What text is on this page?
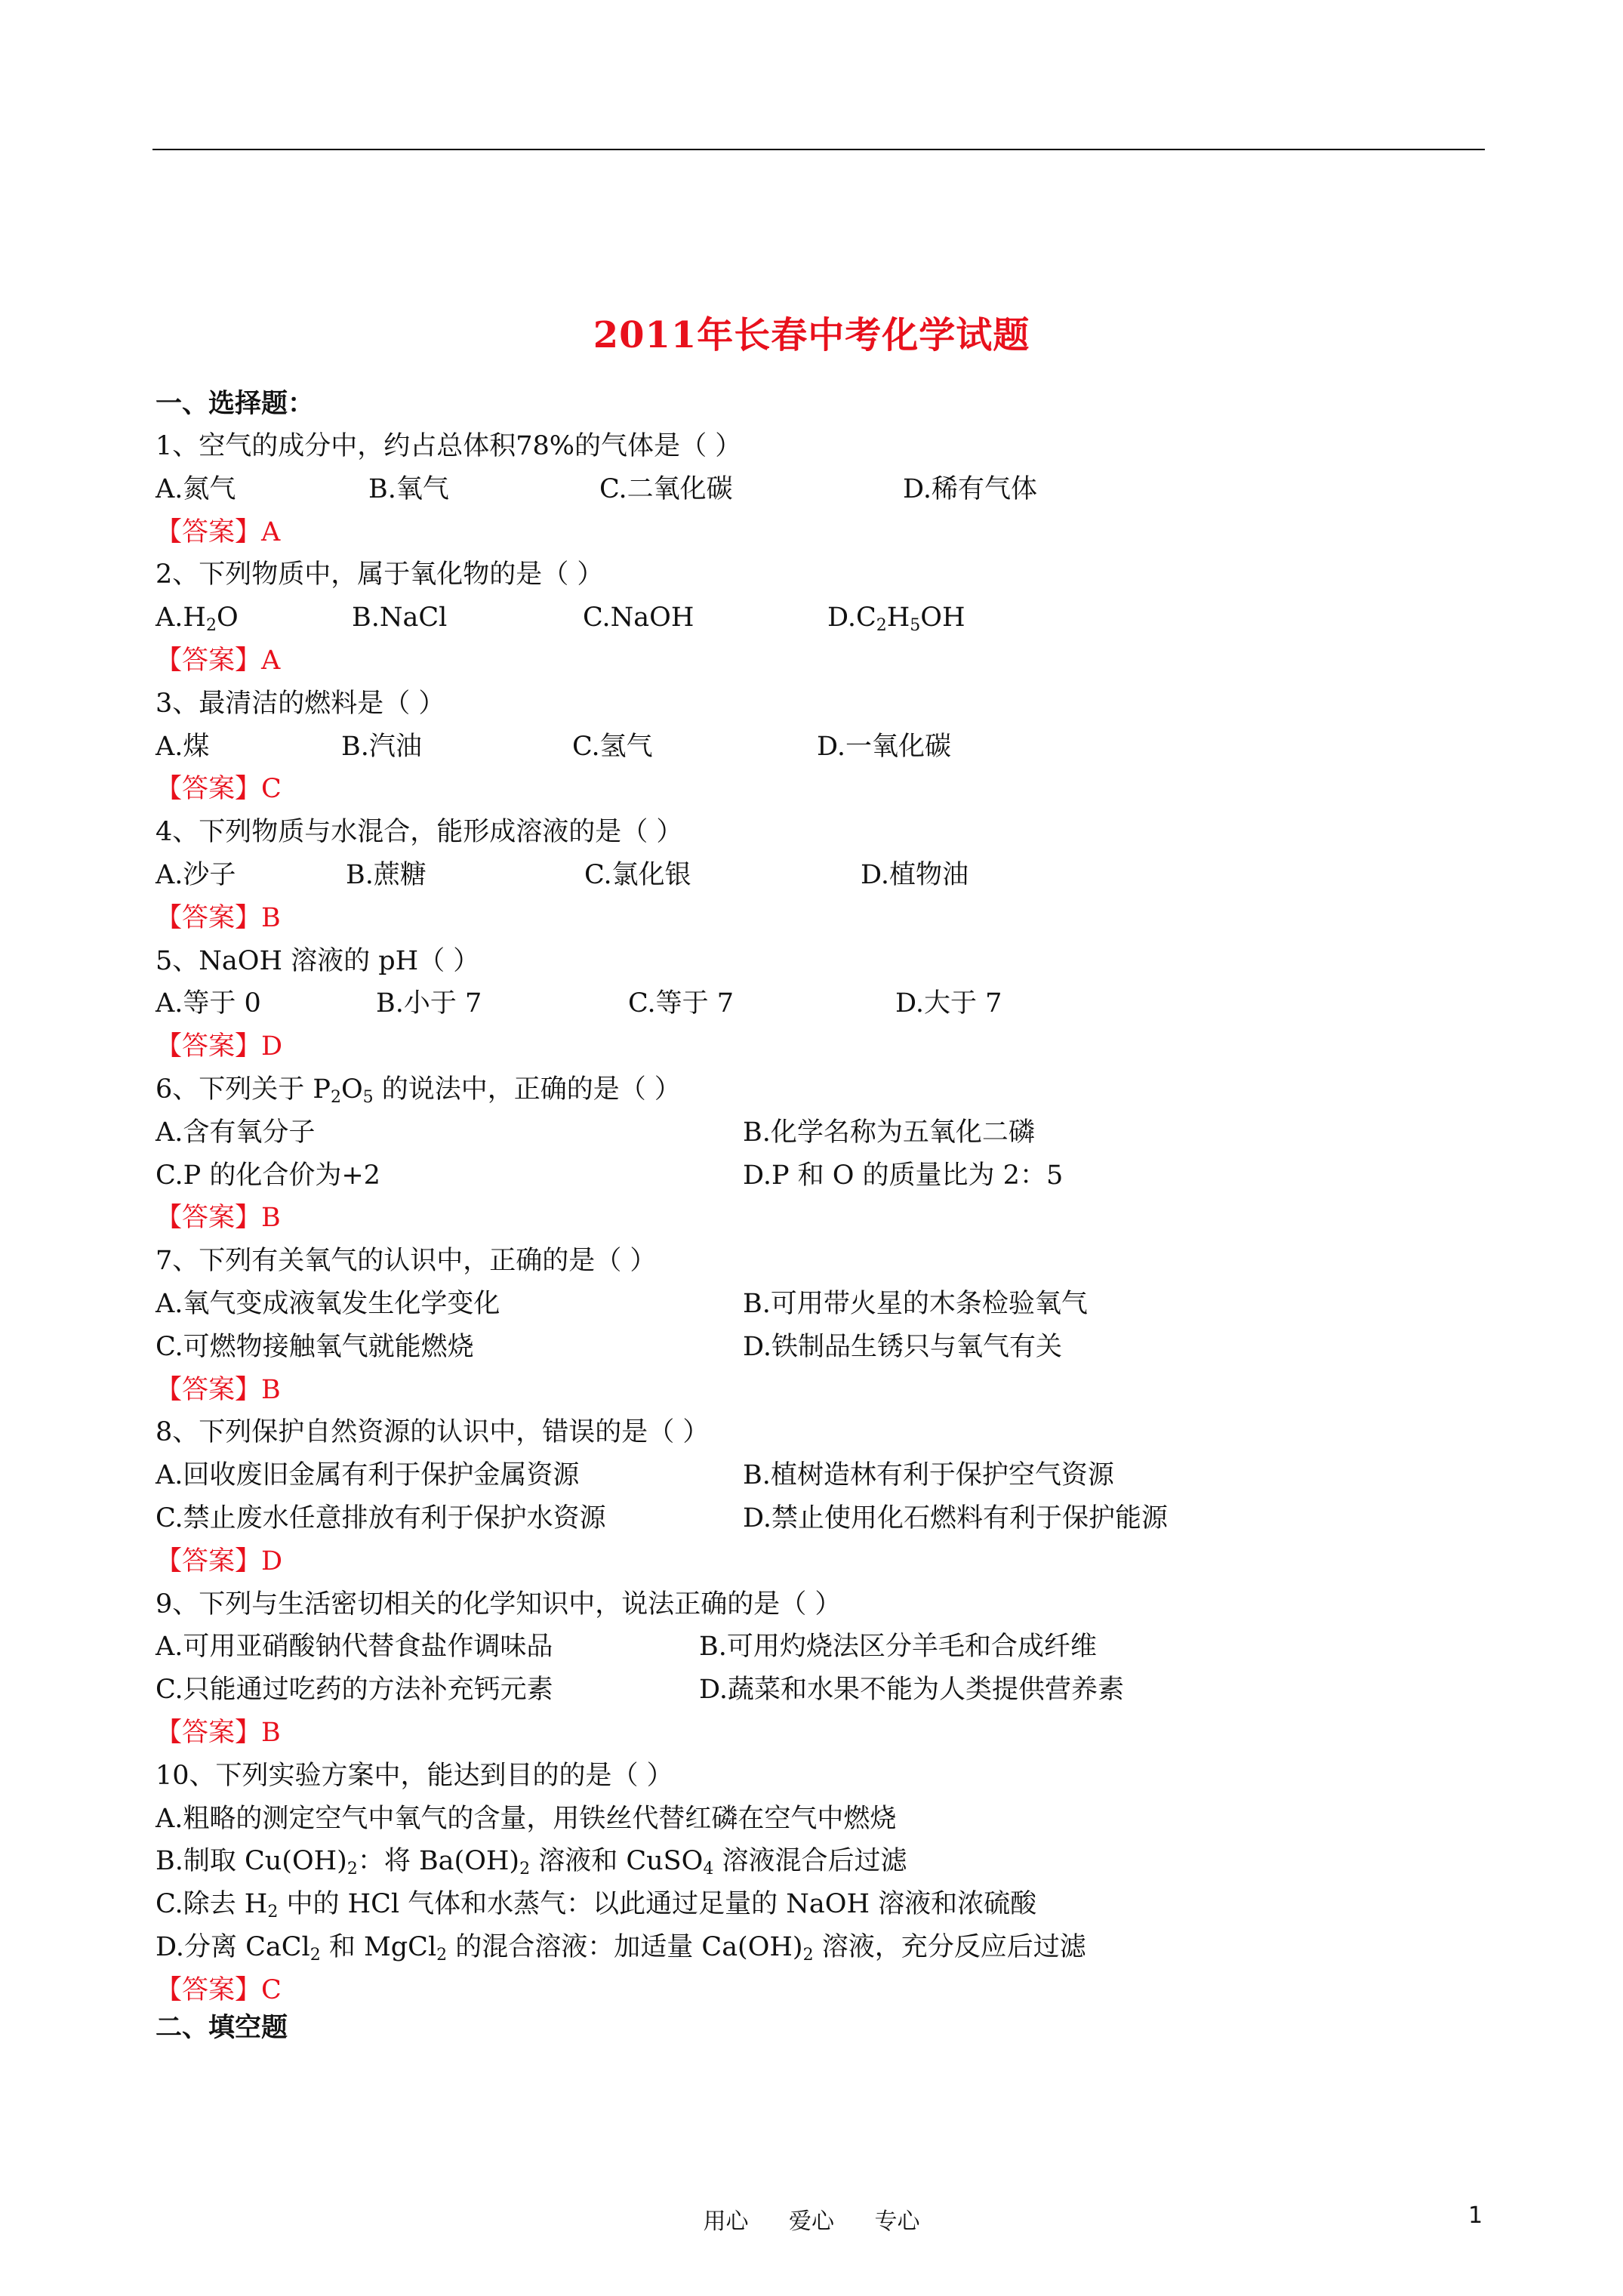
2011年长春中考化学试题
一、选择题：
1、空气的成分中，约占总体积78%的气体是（ ）
A.氮气	B.氧气	C.二氧化碳	D.稀有气体
【答案】A
2、下列物质中，属于氧化物的是（ ）
$A.H_2O$	B.NaCl	C.NaOH	$D.C_2H_5OH$
【答案】A
3、最清洁的燃料是（ ）
A.煤	B.汽油	C.氢气	D.一氧化碳
【答案】C
4、下列物质与水混合，能形成溶液的是（ ）
A.沙子	B.蔗糖	C.氯化银	D.植物油
【答案】B
5、NaOH 溶液的 pH（ ）
A.等于 0	B.小于 7	C.等于 7	D.大于 7
【答案】D
6、下列关于 $P_2O_5$ 的说法中，正确的是（ ）
A.含有氧分子	B.化学名称为五氧化二磷
C.P 的化合价为+2	D.P 和 O 的质量比为 2：5
【答案】B
7、下列有关氧气的认识中，正确的是（ ）
A.氧气变成液氧发生化学变化	B.可用带火星的木条检验氧气
C.可燃物接触氧气就能燃烧	D.铁制品生锈只与氧气有关
【答案】B
8、下列保护自然资源的认识中，错误的是（ ）
A.回收废旧金属有利于保护金属资源	B.植树造林有利于保护空气资源
C.禁止废水任意排放有利于保护水资源	D.禁止使用化石燃料有利于保护能源
【答案】D
9、下列与生活密切相关的化学知识中，说法正确的是（ ）
A.可用亚硝酸钠代替食盐作调味品	B.可用灼烧法区分羊毛和合成纤维
C.只能通过吃药的方法补充钙元素	D.蔬菜和水果不能为人类提供营养素
【答案】B
10、下列实验方案中，能达到目的的是（ ）
A.粗略的测定空气中氧气的含量，用铁丝代替红磷在空气中燃烧
B.制取 $Cu(OH)_2$：将 $Ba(OH)_2$ 溶液和 CuSO$_4$ 溶液混合后过滤
C.除去 $H_2$ 中的 HCl 气体和水蒸气：以此通过足量的 NaOH 溶液和浓硫酸
D.分离 CaCl$_2$ 和 MgCl$_2$ 的混合溶液：加适量 $Ca(OH)_2$ 溶液，充分反应后过滤
【答案】C
二、填空题
用心 爱心 专心	1
